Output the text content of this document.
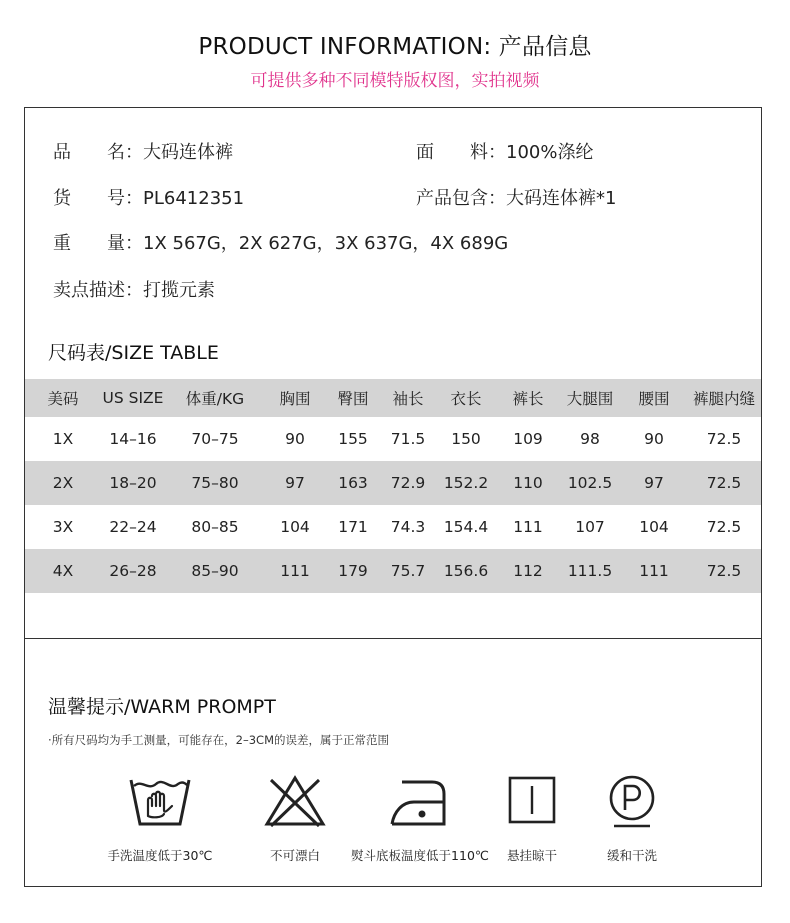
PRODUCT INFORMATION: 产品信息
可提供多种不同模特版权图，实拍视频
品　　名：大码连体裤	面　　料：100%涤纶
货　　号：PL6412351	产品包含：大码连体裤*1
重　　量：1X 567G，2X 627G，3X 637G，4X 689G
卖点描述：打揽元素
尺码表/SIZE TABLE
美码	US SIZE	体重/KG	胸围	臀围	袖长	衣长	裤长	大腿围	腰围	裤腿内缝
1X	14–16	70–75	90	155	71.5	150	109	98	90	72.5
2X	18–20	75–80	97	163	72.9	152.2	110	102.5	97	72.5
3X	22–24	80–85	104	171	74.3	154.4	111	107	104	72.5
4X	26–28	85–90	111	179	75.7	156.6	112	111.5	111	72.5
温馨提示/WARM PROMPT
·所有尺码均为手工测量，可能存在，2–3CM的误差，属于正常范围
手洗温度低于30℃	不可漂白	熨斗底板温度低于110℃	悬挂晾干	缓和干洗
